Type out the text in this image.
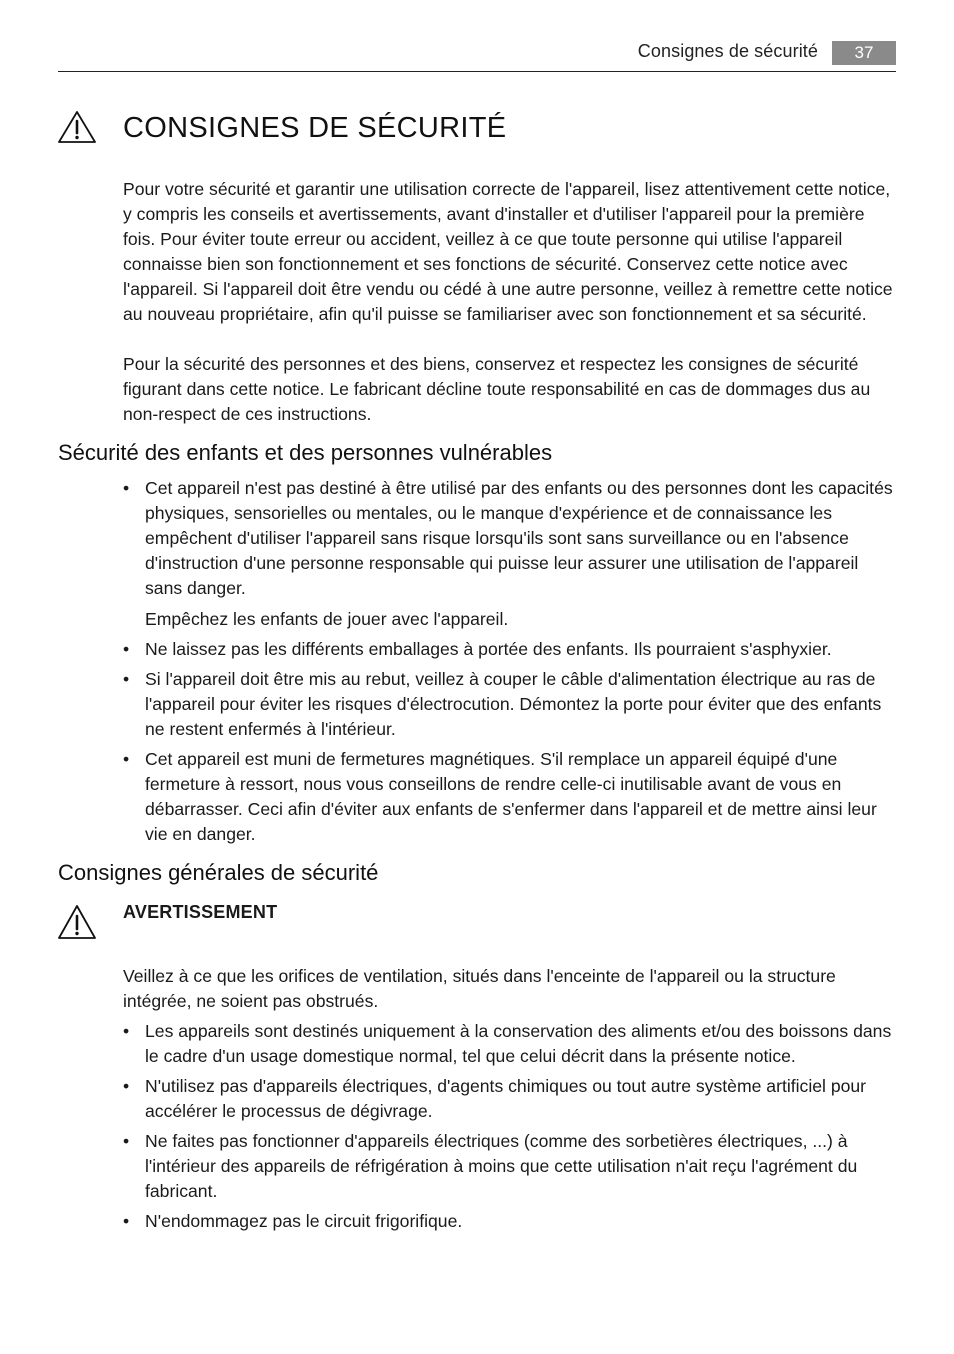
Consignes de sécurité	37
CONSIGNES DE SÉCURITÉ

Pour votre sécurité et garantir une utilisation correcte de l'appareil, lisez attentivement cette notice, y compris les conseils et avertissements, avant d'installer et d'utiliser l'appareil pour la première fois. Pour éviter toute erreur ou accident, veillez à ce que toute personne qui utilise l'appareil connaisse bien son fonctionnement et ses fonctions de sécurité. Conservez cette notice avec l'appareil. Si l'appareil doit être vendu ou cédé à une autre personne, veillez à remettre cette notice au nouveau propriétaire, afin qu'il puisse se familiariser avec son fonctionnement et sa sécurité.

Pour la sécurité des personnes et des biens, conservez et respectez les consignes de sécurité figurant dans cette notice. Le fabricant décline toute responsabilité en cas de dommages dus au non-respect de ces instructions.

Sécurité des enfants et des personnes vulnérables
• Cet appareil n'est pas destiné à être utilisé par des enfants ou des personnes dont les capacités physiques, sensorielles ou mentales, ou le manque d'expérience et de connaissance les empêchent d'utiliser l'appareil sans risque lorsqu'ils sont sans surveillance ou en l'absence d'instruction d'une personne responsable qui puisse leur assurer une utilisation de l'appareil sans danger.
Empêchez les enfants de jouer avec l'appareil.
• Ne laissez pas les différents emballages à portée des enfants. Ils pourraient s'asphyxier.
• Si l'appareil doit être mis au rebut, veillez à couper le câble d'alimentation électrique au ras de l'appareil pour éviter les risques d'électrocution. Démontez la porte pour éviter que des enfants ne restent enfermés à l'intérieur.
• Cet appareil est muni de fermetures magnétiques. S'il remplace un appareil équipé d'une fermeture à ressort, nous vous conseillons de rendre celle-ci inutilisable avant de vous en débarrasser. Ceci afin d'éviter aux enfants de s'enfermer dans l'appareil et de mettre ainsi leur vie en danger.
Consignes générales de sécurité
AVERTISSEMENT

Veillez à ce que les orifices de ventilation, situés dans l'enceinte de l'appareil ou la structure intégrée, ne soient pas obstrués.

• Les appareils sont destinés uniquement à la conservation des aliments et/ou des boissons dans le cadre d'un usage domestique normal, tel que celui décrit dans la présente notice.
• N'utilisez pas d'appareils électriques, d'agents chimiques ou tout autre système artificiel pour accélérer le processus de dégivrage.
• Ne faites pas fonctionner d'appareils électriques (comme des sorbetières électriques, ...) à l'intérieur des appareils de réfrigération à moins que cette utilisation n'ait reçu l'agrément du fabricant.
• N'endommagez pas le circuit frigorifique.
